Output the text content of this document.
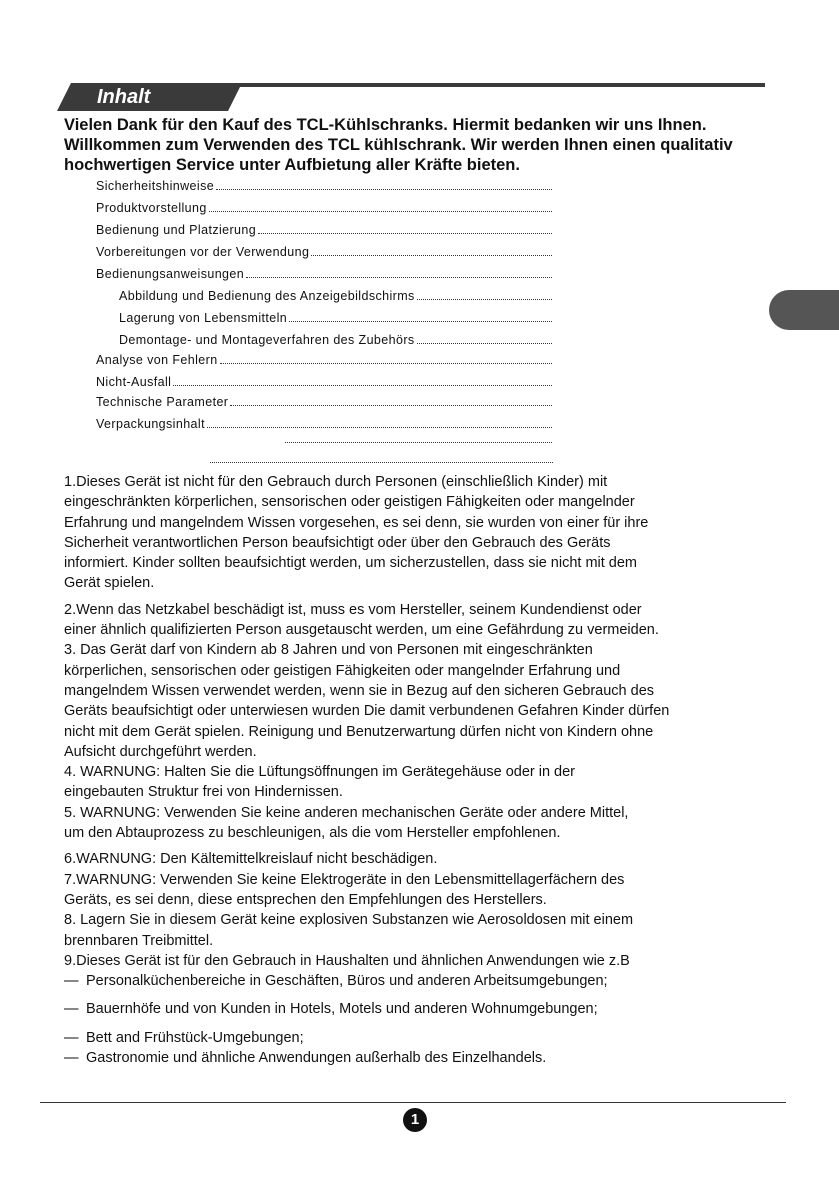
Inhalt

Vielen Dank für den Kauf des TCL-Kühlschranks. Hiermit bedanken wir uns Ihnen.

Willkommen zum Verwenden des TCL kühlschrank. Wir werden Ihnen einen qualitativ

hochwertigen Service unter Aufbietung aller Kräfte bieten.

Sicherheitshinweise
Produktvorstellung
Bedienung und Platzierung
Vorbereitungen vor der Verwendung
Bedienungsanweisungen
Abbildung und Bedienung des Anzeigebildschirms
Lagerung von Lebensmitteln
Demontage- und Montageverfahren des Zubehörs
Analyse von Fehlern
Nicht-Ausfall
Technische Parameter
Verpackungsinhalt
1.Dieses Gerät ist nicht für den Gebrauch durch Personen (einschließlich Kinder) mit
eingeschränkten körperlichen, sensorischen oder geistigen Fähigkeiten oder mangelnder
Erfahrung und mangelndem Wissen vorgesehen, es sei denn, sie wurden von einer für ihre
Sicherheit verantwortlichen Person beaufsichtigt oder über den Gebrauch des Geräts
informiert. Kinder sollten beaufsichtigt werden, um sicherzustellen, dass sie nicht mit dem
Gerät spielen.
2.Wenn das Netzkabel beschädigt ist, muss es vom Hersteller, seinem Kundendienst oder
einer ähnlich qualifizierten Person ausgetauscht werden, um eine Gefährdung zu vermeiden.
3. Das Gerät darf von Kindern ab 8 Jahren und von Personen mit eingeschränkten
körperlichen, sensorischen oder geistigen Fähigkeiten oder mangelnder Erfahrung und
mangelndem Wissen verwendet werden, wenn sie in Bezug auf den sicheren Gebrauch des
Geräts beaufsichtigt oder unterwiesen wurden Die damit verbundenen Gefahren Kinder dürfen
nicht mit dem Gerät spielen. Reinigung und Benutzerwartung dürfen nicht von Kindern ohne
Aufsicht durchgeführt werden.
4. WARNUNG: Halten Sie die Lüftungsöffnungen im Gerätegehäuse oder in der
eingebauten Struktur frei von Hindernissen.
5. WARNUNG: Verwenden Sie keine anderen mechanischen Geräte oder andere Mittel,
um den Abtauprozess zu beschleunigen, als die vom Hersteller empfohlenen.
6.WARNUNG: Den Kältemittelkreislauf nicht beschädigen.
7.WARNUNG: Verwenden Sie keine Elektrogeräte in den Lebensmittellagerfächern des
Geräts, es sei denn, diese entsprechen den Empfehlungen des Herstellers.
8. Lagern Sie in diesem Gerät keine explosiven Substanzen wie Aerosoldosen mit einem
brennbaren Treibmittel.
9.Dieses Gerät ist für den Gebrauch in Haushalten und ähnlichen Anwendungen wie z.B
— Personalküchenbereiche in Geschäften, Büros und anderen Arbeitsumgebungen;
— Bauernhöfe und von Kunden in Hotels, Motels und anderen Wohnumgebungen;
— Bett and Frühstück-Umgebungen;
— Gastronomie und ähnliche Anwendungen außerhalb des Einzelhandels.
1
